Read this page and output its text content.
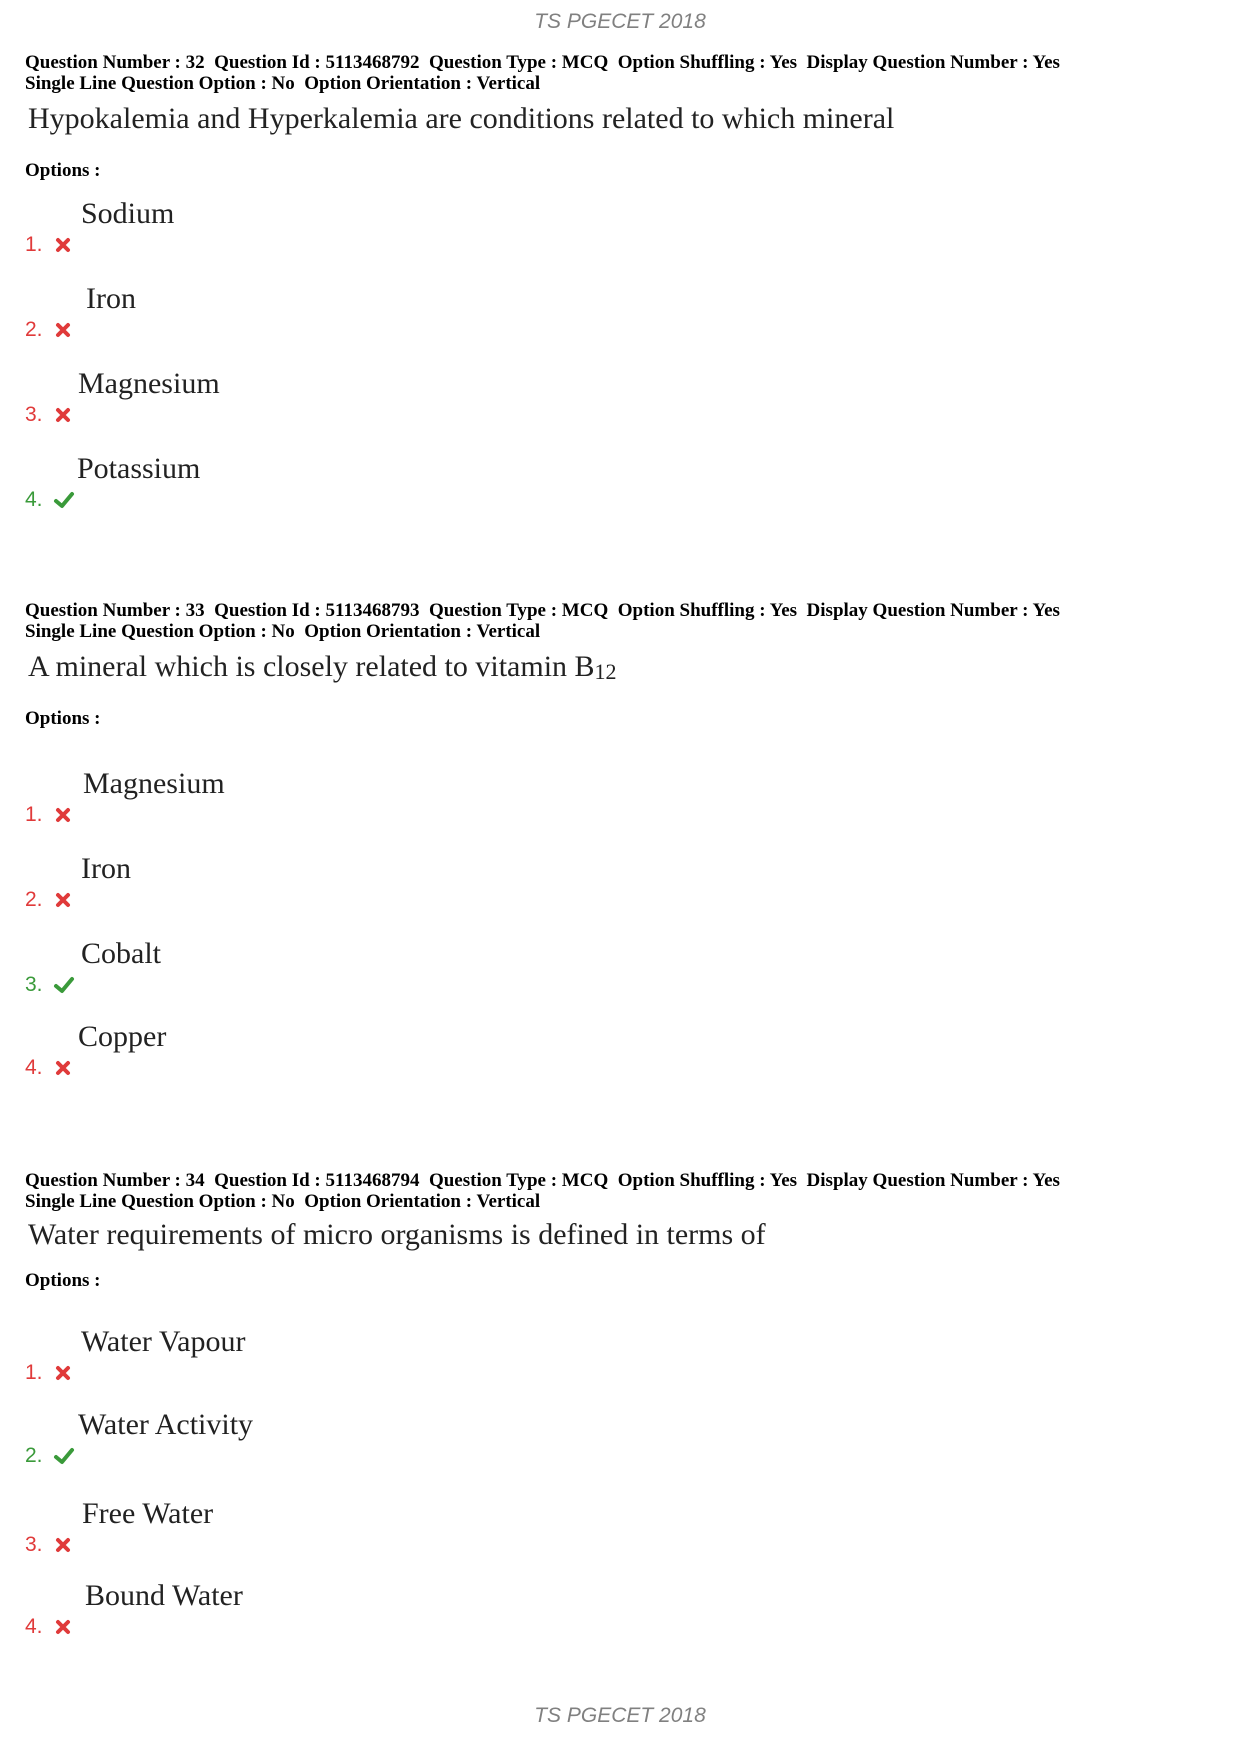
TS PGECET 2018
Question Number : 32  Question Id : 5113468792  Question Type : MCQ  Option Shuffling : Yes  Display Question Number : Yes
Single Line Question Option : No  Option Orientation : Vertical
Hypokalemia and Hyperkalemia are conditions related to which mineral
Options :
1.
Sodium
2.
Iron
3.
Magnesium
4.
Potassium
Question Number : 33  Question Id : 5113468793  Question Type : MCQ  Option Shuffling : Yes  Display Question Number : Yes
Single Line Question Option : No  Option Orientation : Vertical
A mineral which is closely related to vitamin $B_{12}$
Options :
1.
Magnesium
2.
Iron
3.
Cobalt
4.
Copper
Question Number : 34  Question Id : 5113468794  Question Type : MCQ  Option Shuffling : Yes  Display Question Number : Yes
Single Line Question Option : No  Option Orientation : Vertical
Water requirements of micro organisms is defined in terms of
Options :
1.
Water Vapour
2.
Water Activity
3.
Free Water
4.
Bound Water
TS PGECET 2018
